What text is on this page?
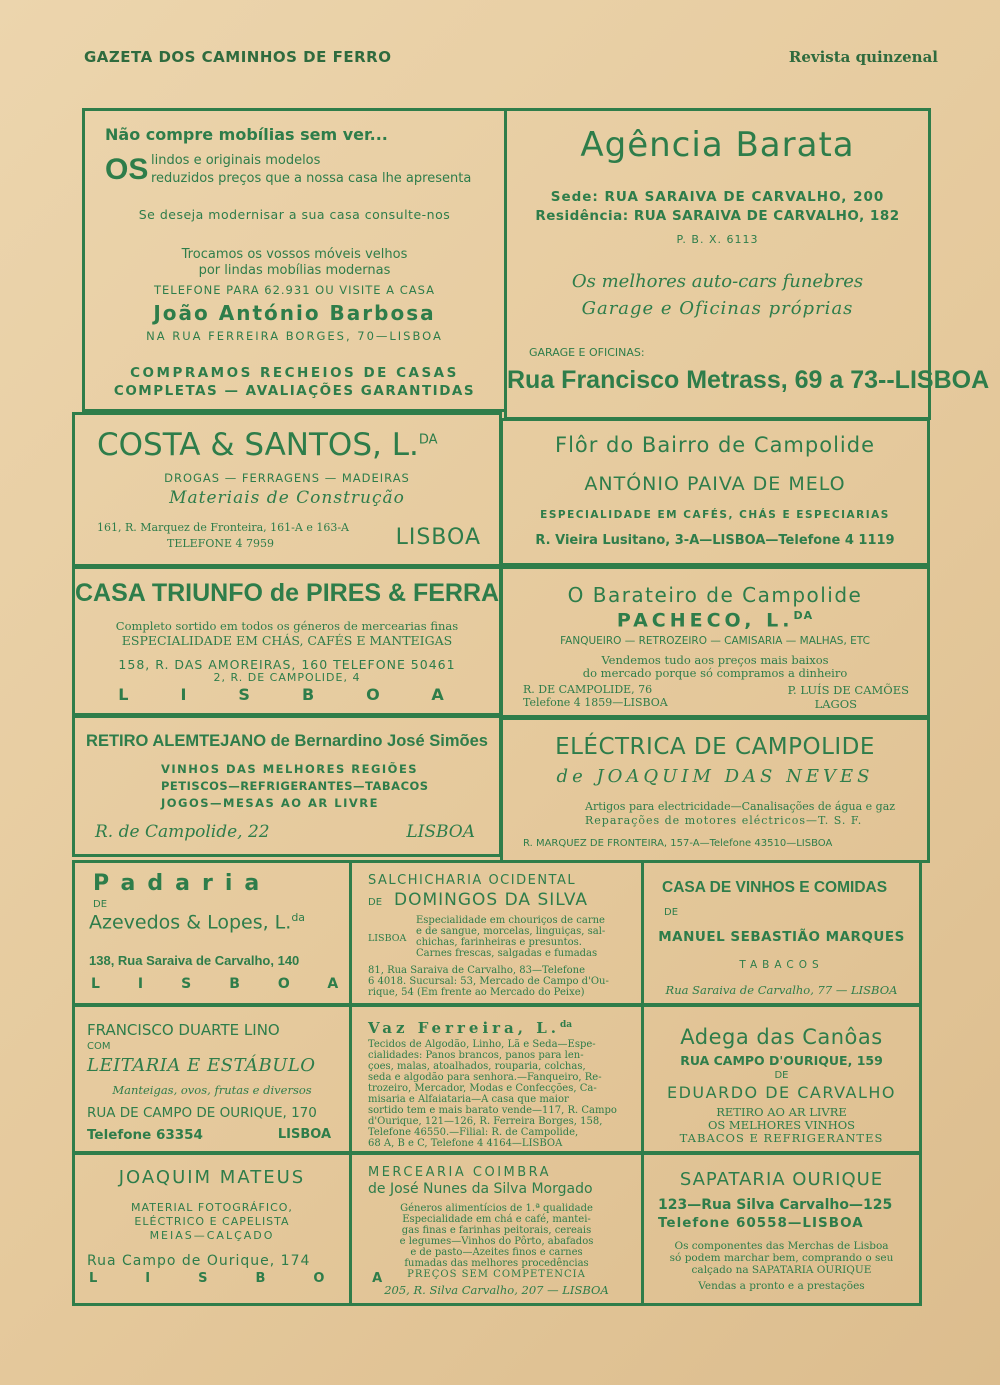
GAZETA DOS CAMINHOS DE FERRO	Revista quinzenal
Não compre mobílias sem ver...
OS lindos e originais modelos
reduzidos preços que a nossa casa lhe apresenta
Se deseja modernisar a sua casa consulte-nos
Trocamos os vossos móveis velhos
por lindas mobílias modernas
TELEFONE PARA 62.931 OU VISITE A CASA
João António Barbosa
NA RUA FERREIRA BORGES, 70—LISBOA
COMPRAMOS RECHEIOS DE CASAS
COMPLETAS — AVALIAÇÕES GARANTIDAS
Agência Barata
Sede: RUA SARAIVA DE CARVALHO, 200
Residência: RUA SARAIVA DE CARVALHO, 182
P. B. X. 6113
Os melhores auto-cars funebres
Garage e Oficinas próprias
GARAGE E OFICINAS:
Rua Francisco Metrass, 69 a 73--LISBOA
COSTA & SANTOS, L.$^{DA}$
DROGAS — FERRAGENS — MADEIRAS
Materiais de Construção
161, R. Marquez de Fronteira, 161-A e 163-A
TELEFONE 4 7959	LISBOA
Flôr do Bairro de Campolide
ANTÓNIO PAIVA DE MELO
ESPECIALIDADE EM CAFÉS, CHÁS E ESPECIARIAS
R. Vieira Lusitano, 3-A—LISBOA—Telefone 4 1119
CASA TRIUNFO de PIRES & FERRA
Completo sortido em todos os géneros de mercearias finas
ESPECIALIDADE EM CHÁS, CAFÉS E MANTEIGAS
158, R. DAS AMOREIRAS, 160 TELEFONE 50461
2, R. DE CAMPOLIDE, 4
LISBOA
O Barateiro de Campolide
PACHECO, L.$^{DA}$
FANQUEIRO — RETROZEIRO — CAMISARIA — MALHAS, ETC
Vendemos tudo aos preços mais baixos
do mercado porque só compramos a dinheiro
R. DE CAMPOLIDE, 76
Telefone 4 1859—LISBOA
P. LUÍS DE CAMÕES
LAGOS
RETIRO ALEMTEJANO de Bernardino José Simões
VINHOS DAS MELHORES REGIÕES
PETISCOS—REFRIGERANTES—TABACOS
JOGOS—MESAS AO AR LIVRE
R. de Campolide, 22	LISBOA
ELÉCTRICA DE CAMPOLIDE
de JOAQUIM DAS NEVES
Artigos para electricidade—Canalisações de água e gaz
Reparações de motores eléctricos—T. S. F.
R. MARQUEZ DE FRONTEIRA, 157-A—Telefone 43510—LISBOA
Padaria
DE
Azevedos & Lopes, L.$^{da}$
138, Rua Saraiva de Carvalho, 140
LISBOA
SALCHICHARIA OCIDENTAL
DE DOMINGOS DA SILVA
LISBOA
Especialidade em chouriços de carne
e de sangue, morcelas, linguiças, sal-
chichas, farinheiras e presuntos.
Carnes frescas, salgadas e fumadas
81, Rua Saraiva de Carvalho, 83—Telefone
6 4018. Sucursal: 53, Mercado de Campo d'Ou-
rique, 54 (Em frente ao Mercado do Peixe)
CASA DE VINHOS E COMIDAS
DE
MANUEL SEBASTIÃO MARQUES
TABACOS
Rua Saraiva de Carvalho, 77 — LISBOA
FRANCISCO DUARTE LINO
COM
LEITARIA E ESTÁBULO
Manteigas, ovos, frutas e diversos
RUA DE CAMPO DE OURIQUE, 170
Telefone 63354	LISBOA
Vaz Ferreira, L.$^{da}$
Tecidos de Algodão, Linho, Lã e Seda—Espe-
cialidades: Panos brancos, panos para len-
çoes, malas, atoalhados, rouparia, colchas,
seda e algodão para senhora.—Fanqueiro, Re-
trozeiro, Mercador, Modas e Confecções, Ca-
misaria e Alfaiataria—A casa que maior
sortido tem e mais barato vende—117, R. Campo
d'Ourique, 121—126, R. Ferreira Borges, 158,
Telefone 46550.—Filial: R. de Campolide,
68 A, B e C, Telefone 4 4164—LISBOA
Adega das Canôas
RUA CAMPO D'OURIQUE, 159
DE
EDUARDO DE CARVALHO
RETIRO AO AR LIVRE
OS MELHORES VINHOS
TABACOS E REFRIGERANTES
JOAQUIM MATEUS
MATERIAL FOTOGRÁFICO,
ELÉCTRICO E CAPELISTA
MEIAS—CALÇADO
Rua Campo de Ourique, 174
LISBOA
MERCEARIA COIMBRA
de José Nunes da Silva Morgado
Géneros alimentícios de 1.ª qualidade
Especialidade em chá e café, mantei-
gas finas e farinhas peitorais, cereais
e legumes—Vinhos do Pôrto, abafados
e de pasto—Azeites finos e carnes
fumadas das melhores procedências
PREÇOS SEM COMPETENCIA
205, R. Silva Carvalho, 207 — LISBOA
SAPATARIA OURIQUE
123—Rua Silva Carvalho—125
Telefone 60558—LISBOA
Os componentes das Merchas de Lisboa
só podem marchar bem, comprando o seu
calçado na SAPATARIA OURIQUE
Vendas a pronto e a prestações
